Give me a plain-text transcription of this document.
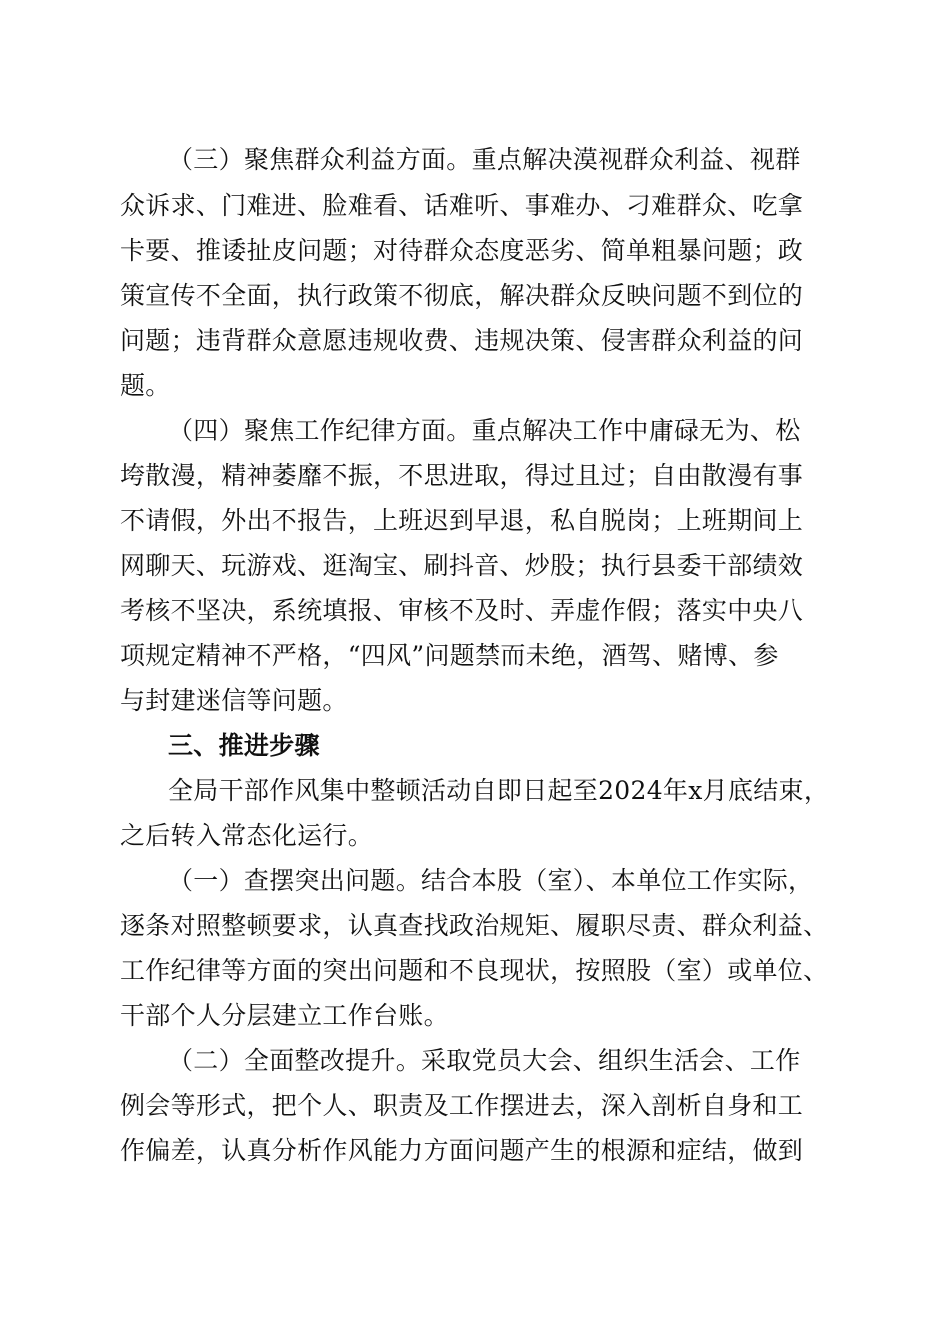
（三）聚焦群众利益方面。重点解决漠视群众利益、视群
众诉求、门难进、脸难看、话难听、事难办、刁难群众、吃拿
卡要、推诿扯皮问题；对待群众态度恶劣、简单粗暴问题；政
策宣传不全面，执行政策不彻底，解决群众反映问题不到位的
问题；违背群众意愿违规收费、违规决策、侵害群众利益的问
题。
（四）聚焦工作纪律方面。重点解决工作中庸碌无为、松
垮散漫，精神萎靡不振，不思进取，得过且过；自由散漫有事
不请假，外出不报告，上班迟到早退，私自脱岗；上班期间上
网聊天、玩游戏、逛淘宝、刷抖音、炒股；执行县委干部绩效
考核不坚决，系统填报、审核不及时、弄虚作假；落实中央八
项规定精神不严格，“四风”问题禁而未绝，酒驾、赌博、参
与封建迷信等问题。
三、推进步骤
全局干部作风集中整顿活动自即日起至2024年x月底结束，
之后转入常态化运行。
（一）查摆突出问题。结合本股（室）、本单位工作实际，
逐条对照整顿要求，认真查找政治规矩、履职尽责、群众利益、
工作纪律等方面的突出问题和不良现状，按照股（室）或单位、
干部个人分层建立工作台账。
（二）全面整改提升。采取党员大会、组织生活会、工作
例会等形式，把个人、职责及工作摆进去，深入剖析自身和工
作偏差，认真分析作风能力方面问题产生的根源和症结，做到
